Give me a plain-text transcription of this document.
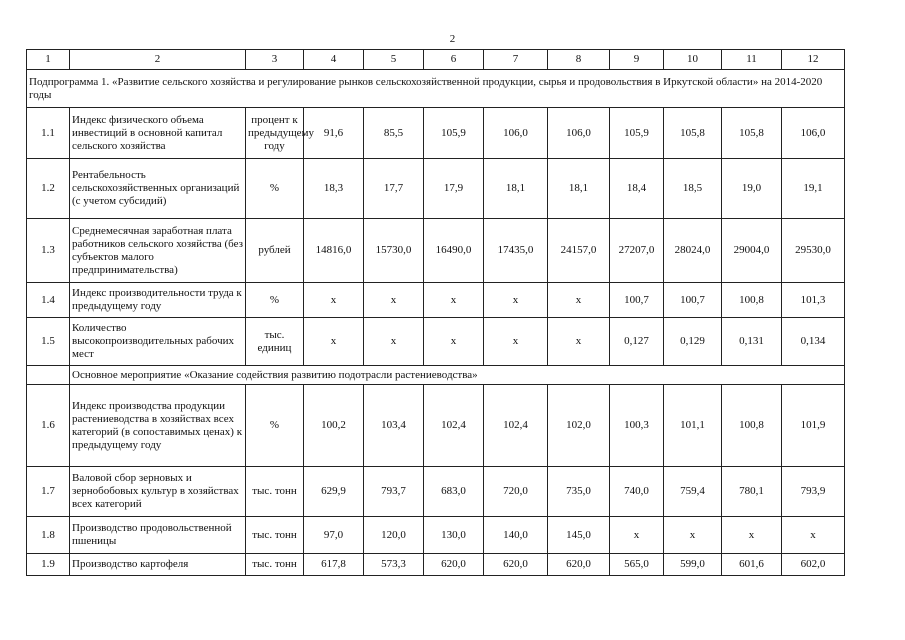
2
1	2	3	4	5	6	7	8	9	10	11	12
Подпрограмма 1. «Развитие сельского хозяйства и регулирование рынков сельскохозяйственной продукции, сырья и продовольствия в Иркутской области» на 2014-2020 годы											
1.1	Индекс физического объема инвестиций в основной капитал сельского хозяйства	процент к предыдущему году	91,6	85,5	105,9	106,0	106,0	105,9	105,8	105,8	106,0
1.2	Рентабельность сельскохозяйственных организаций (с учетом субсидий)	%	18,3	17,7	17,9	18,1	18,1	18,4	18,5	19,0	19,1
1.3	Среднемесячная заработная плата работников сельского хозяйства (без субъектов малого предпринимательства)	рублей	14816,0	15730,0	16490,0	17435,0	24157,0	27207,0	28024,0	29004,0	29530,0
1.4	Индекс производительности труда к предыдущему году	%	х	х	х	х	х	100,7	100,7	100,8	101,3
1.5	Количество высокопроизводительных рабочих мест	тыс. единиц	х	х	х	х	х	0,127	0,129	0,131	0,134
	Основное мероприятие «Оказание содействия развитию подотрасли растениеводства»										
1.6	Индекс производства продукции растениеводства в хозяйствах всех категорий (в сопоставимых ценах) к предыдущему году	%	100,2	103,4	102,4	102,4	102,0	100,3	101,1	100,8	101,9
1.7	Валовой сбор зерновых и зернобобовых культур в хозяйствах всех категорий	тыс. тонн	629,9	793,7	683,0	720,0	735,0	740,0	759,4	780,1	793,9
1.8	Производство продовольственной пшеницы	тыс. тонн	97,0	120,0	130,0	140,0	145,0	х	х	х	х
1.9	Производство картофеля	тыс. тонн	617,8	573,3	620,0	620,0	620,0	565,0	599,0	601,6	602,0
